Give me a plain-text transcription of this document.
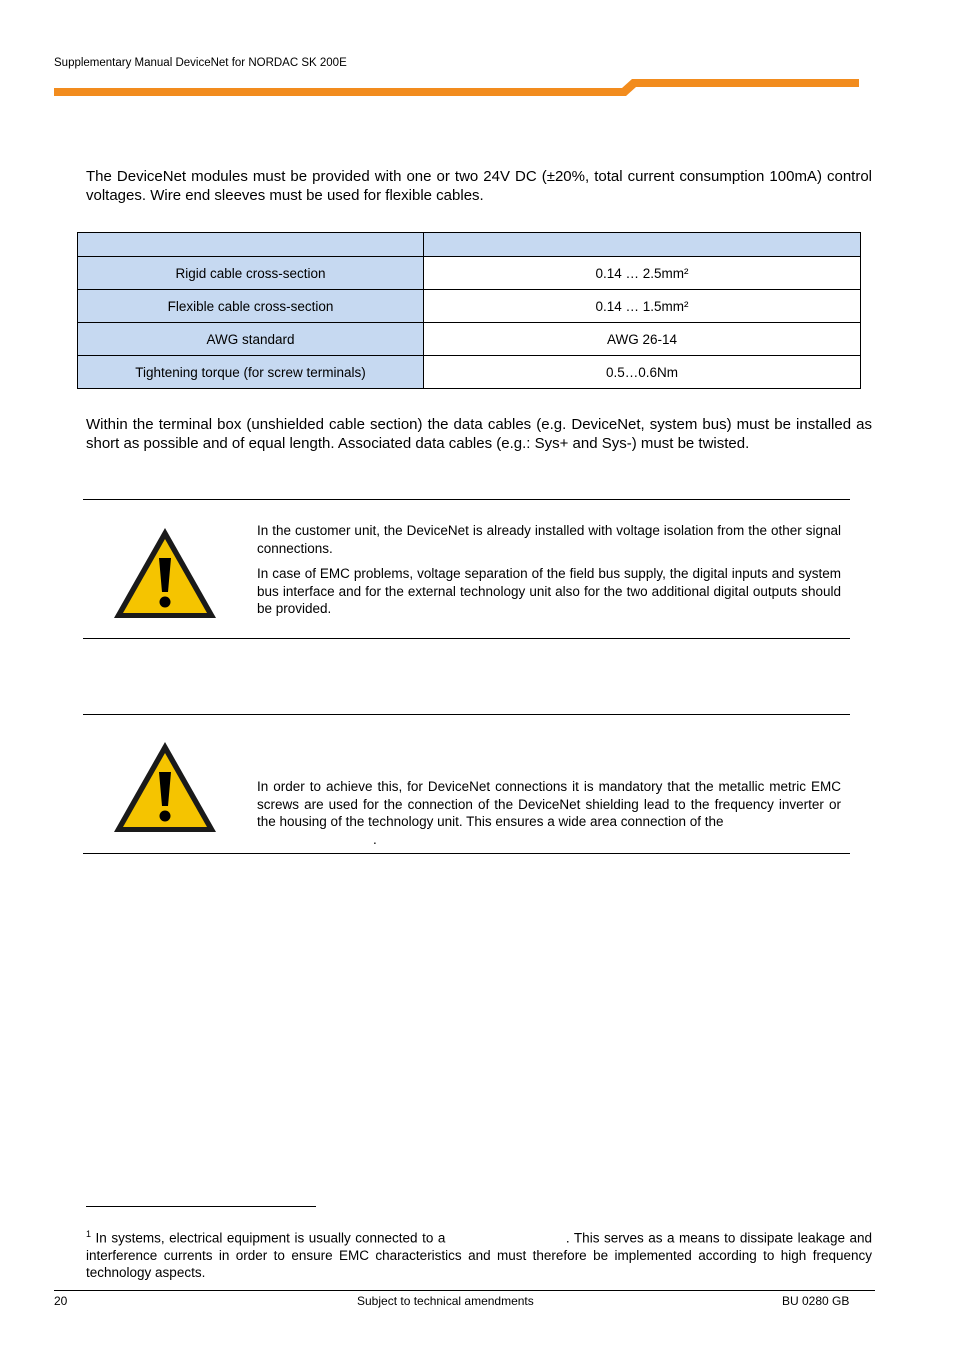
Supplementary Manual DeviceNet for NORDAC SK 200E
The DeviceNet modules must be provided with one or two 24V DC (±20%, total current consumption 100mA) control voltages. Wire end sleeves must be used for flexible cables.

Rigid cable cross-section	0.14 … 2.5mm²
Flexible cable cross-section	0.14 … 1.5mm²
AWG standard	AWG 26-14
Tightening torque (for screw terminals)	0.5…0.6Nm
Within the terminal box (unshielded cable section) the data cables (e.g. DeviceNet, system bus) must be installed as short as possible and of equal length. Associated data cables (e.g.: Sys+ and Sys-) must be twisted.

In the customer unit, the DeviceNet is already installed with voltage isolation from the other signal connections.

In case of EMC problems, voltage separation of the field bus supply, the digital inputs and system bus interface and for the external technology unit also for the two additional digital outputs should be provided.

In order to achieve this, for DeviceNet connections it is mandatory that the metallic metric EMC screws are used for the connection of the DeviceNet shielding lead to the frequency inverter or the housing of the technology unit. This ensures a wide area connection of the

.
$^1$ In systems, electrical equipment is usually connected to a	. This serves as a means to dissipate leakage and interference currents in order to ensure EMC characteristics and must therefore be implemented according to high frequency technology aspects.
20	Subject to technical amendments	BU 0280 GB
